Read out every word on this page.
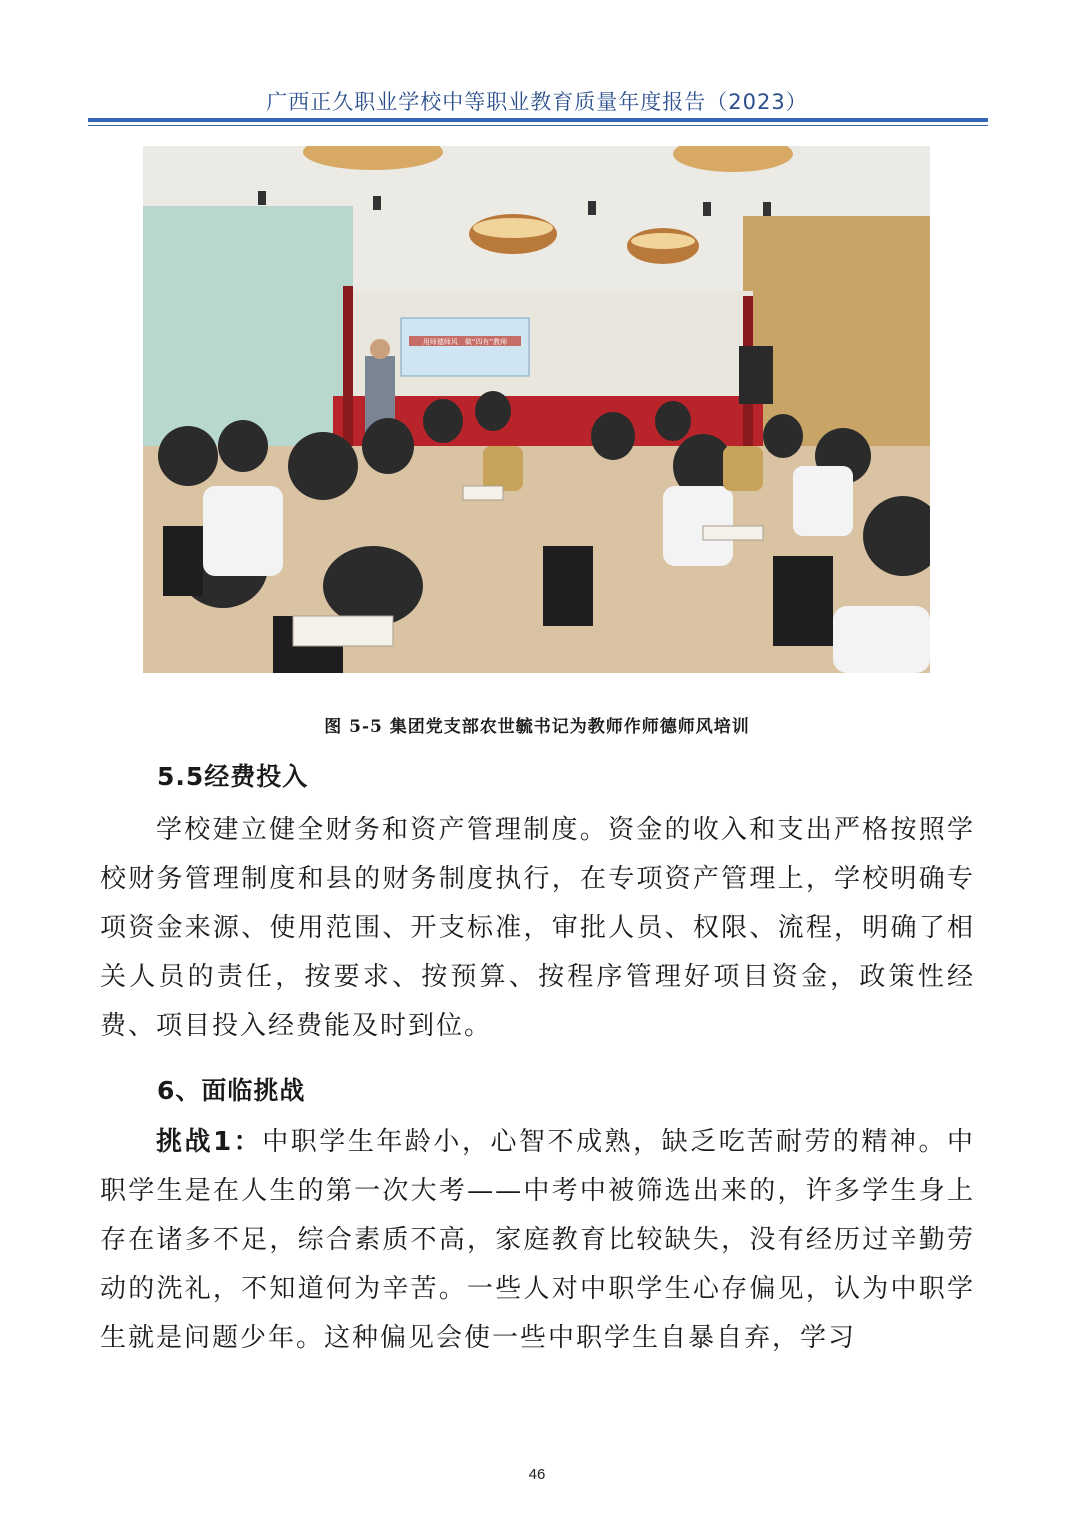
广西正久职业学校中等职业教育质量年度报告（2023）
用师德师风　做“四有”教师
图 5-5 集团党支部农世毓书记为教师作师德师风培训
5.5经费投入

学校建立健全财务和资产管理制度。资金的收入和支出严格按照学校财务管理制度和县的财务制度执行，在专项资产管理上，学校明确专项资金来源、使用范围、开支标准，审批人员、权限、流程，明确了相关人员的责任，按要求、按预算、按程序管理好项目资金，政策性经费、项目投入经费能及时到位。

6、面临挑战

挑战1：中职学生年龄小，心智不成熟，缺乏吃苦耐劳的精神。中职学生是在人生的第一次大考——中考中被筛选出来的，许多学生身上存在诸多不足，综合素质不高，家庭教育比较缺失，没有经历过辛勤劳动的洗礼，不知道何为辛苦。一些人对中职学生心存偏见，认为中职学生就是问题少年。这种偏见会使一些中职学生自暴自弃，学习

46
